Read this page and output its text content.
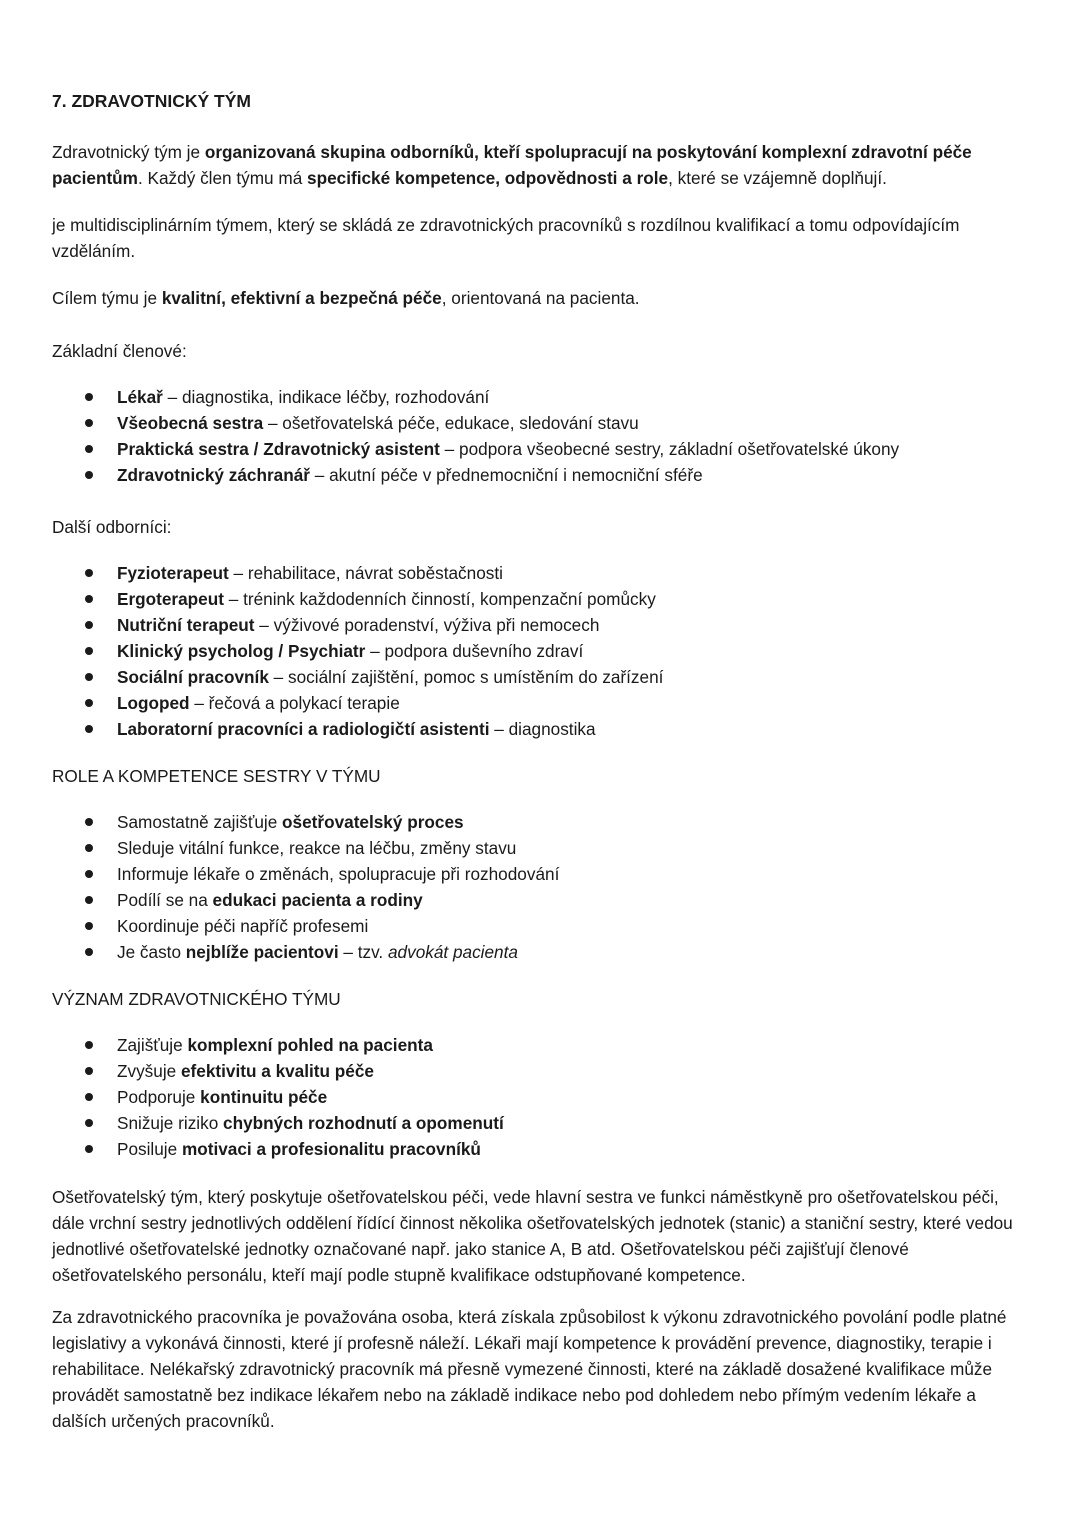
7. ZDRAVOTNICKÝ TÝM

Zdravotnický tým je organizovaná skupina odborníků, kteří spolupracují na poskytování komplexní zdravotní péče pacientům. Každý člen týmu má specifické kompetence, odpovědnosti a role, které se vzájemně doplňují.

je multidisciplinárním týmem, který se skládá ze zdravotnických pracovníků s rozdílnou kvalifikací a tomu odpovídajícím vzděláním.

Cílem týmu je kvalitní, efektivní a bezpečná péče, orientovaná na pacienta.

Základní členové:

Lékař – diagnostika, indikace léčby, rozhodování
Všeobecná sestra – ošetřovatelská péče, edukace, sledování stavu
Praktická sestra / Zdravotnický asistent – podpora všeobecné sestry, základní ošetřovatelské úkony
Zdravotnický záchranář – akutní péče v přednemocniční i nemocniční sféře

Další odborníci:

Fyzioterapeut – rehabilitace, návrat soběstačnosti
Ergoterapeut – trénink každodenních činností, kompenzační pomůcky
Nutriční terapeut – výživové poradenství, výživa při nemocech
Klinický psycholog / Psychiatr – podpora duševního zdraví
Sociální pracovník – sociální zajištění, pomoc s umístěním do zařízení
Logoped – řečová a polykací terapie
Laboratorní pracovníci a radiologičtí asistenti – diagnostika

ROLE A KOMPETENCE SESTRY V TÝMU

Samostatně zajišťuje ošetřovatelský proces
Sleduje vitální funkce, reakce na léčbu, změny stavu
Informuje lékaře o změnách, spolupracuje při rozhodování
Podílí se na edukaci pacienta a rodiny
Koordinuje péči napříč profesemi
Je často nejblíže pacientovi – tzv. advokát pacienta

VÝZNAM ZDRAVOTNICKÉHO TÝMU

Zajišťuje komplexní pohled na pacienta
Zvyšuje efektivitu a kvalitu péče
Podporuje kontinuitu péče
Snižuje riziko chybných rozhodnutí a opomenutí
Posiluje motivaci a profesionalitu pracovníků

Ošetřovatelský tým, který poskytuje ošetřovatelskou péči, vede hlavní sestra ve funkci náměstkyně pro ošetřovatelskou péči, dále vrchní sestry jednotlivých oddělení řídící činnost několika ošetřovatelských jednotek (stanic) a staniční sestry, které vedou jednotlivé ošetřovatelské jednotky označované např. jako stanice A, B atd. Ošetřovatelskou péči zajišťují členové ošetřovatelského personálu, kteří mají podle stupně kvalifikace odstupňované kompetence.

Za zdravotnického pracovníka je považována osoba, která získala způsobilost k výkonu zdravotnického povolání podle platné legislativy a vykonává činnosti, které jí profesně náleží. Lékaři mají kompetence k provádění prevence, diagnostiky, terapie i rehabilitace. Nelékařský zdravotnický pracovník má přesně vymezené činnosti, které na základě dosažené kvalifikace může provádět samostatně bez indikace lékařem nebo na základě indikace nebo pod dohledem nebo přímým vedením lékaře a dalších určených pracovníků.
